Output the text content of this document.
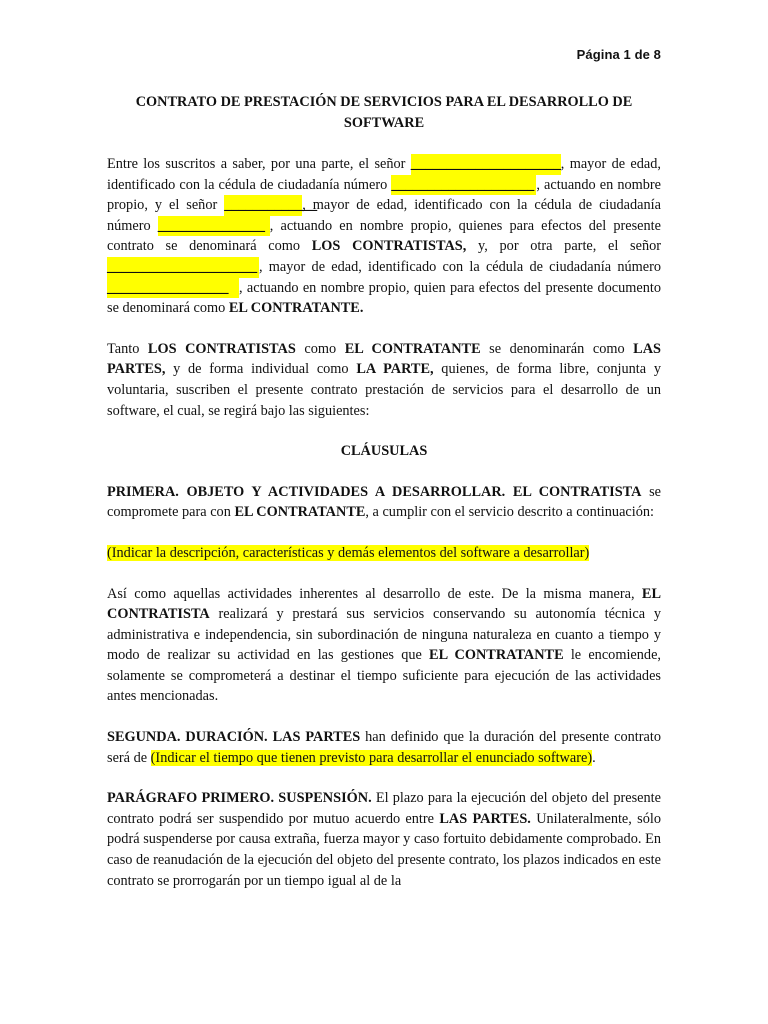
Página 1 de 8
CONTRATO DE PRESTACIÓN DE SERVICIOS PARA EL DESARROLLO DE SOFTWARE
Entre los suscritos a saber, por una parte, el señor _____________________, mayor de edad, identificado con la cédula de ciudadanía número ____________________ , actuando en nombre propio, y el señor _____________, mayor de edad, identificado con la cédula de ciudadanía número _______________ , actuando en nombre propio, quienes para efectos del presente contrato se denominará como LOS CONTRATISTAS, y, por otra parte, el señor _____________________ , mayor de edad, identificado con la cédula de ciudadanía número _________________ , actuando en nombre propio, quien para efectos del presente documento se denominará como EL CONTRATANTE.
Tanto LOS CONTRATISTAS como EL CONTRATANTE se denominarán como LAS PARTES, y de forma individual como LA PARTE, quienes, de forma libre, conjunta y voluntaria, suscriben el presente contrato prestación de servicios para el desarrollo de un software, el cual, se regirá bajo las siguientes:
CLÁUSULAS
PRIMERA. OBJETO Y ACTIVIDADES A DESARROLLAR. EL CONTRATISTA se compromete para con EL CONTRATANTE, a cumplir con el servicio descrito a continuación:
(Indicar la descripción, características y demás elementos del software a desarrollar)
Así como aquellas actividades inherentes al desarrollo de este. De la misma manera, EL CONTRATISTA realizará y prestará sus servicios conservando su autonomía técnica y administrativa e independencia, sin subordinación de ninguna naturaleza en cuanto a tiempo y modo de realizar su actividad en las gestiones que EL CONTRATANTE le encomiende, solamente se comprometerá a destinar el tiempo suficiente para ejecución de las actividades antes mencionadas.
SEGUNDA. DURACIÓN. LAS PARTES han definido que la duración del presente contrato será de (Indicar el tiempo que tienen previsto para desarrollar el enunciado software).
PARÁGRAFO PRIMERO. SUSPENSIÓN. El plazo para la ejecución del objeto del presente contrato podrá ser suspendido por mutuo acuerdo entre LAS PARTES. Unilateralmente, sólo podrá suspenderse por causa extraña, fuerza mayor y caso fortuito debidamente comprobado. En caso de reanudación de la ejecución del objeto del presente contrato, los plazos indicados en este contrato se prorrogarán por un tiempo igual al de la
